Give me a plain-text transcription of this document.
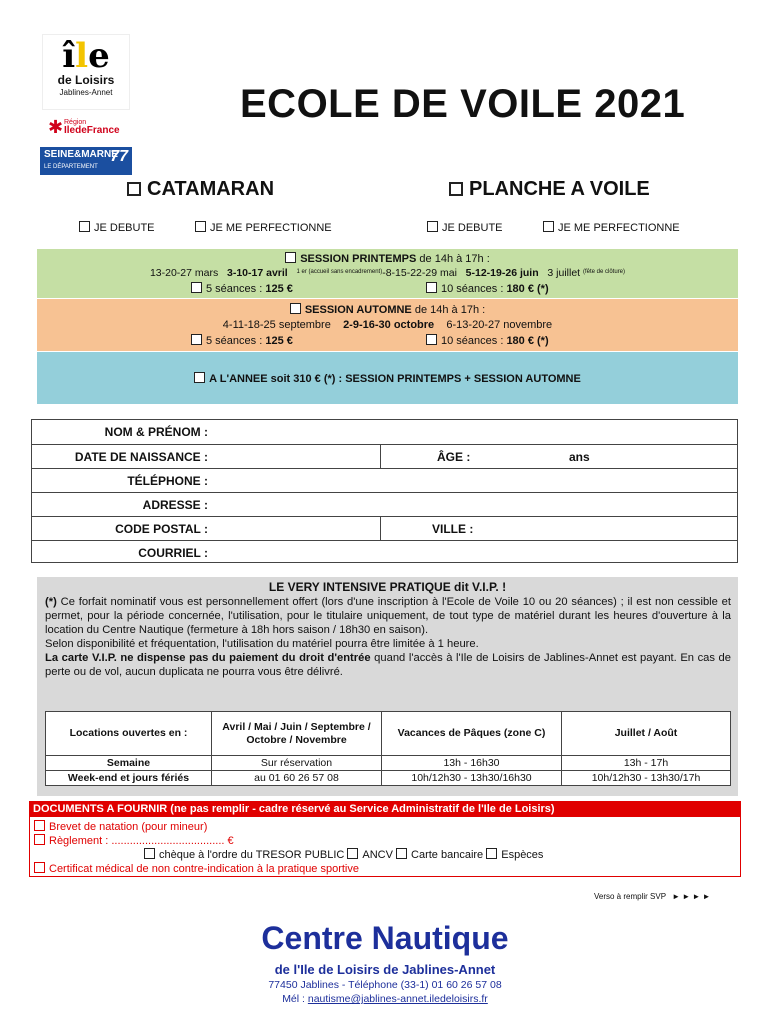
île
de Loisirs
Jablines-Annet
✱ Région
IledeFrance
SEINE&MARNE
LE DÉPARTEMENT
77
ECOLE DE VOILE 2021
CATAMARAN	PLANCHE A VOILE
JE DEBUTE	JE ME PERFECTIONNE	JE DEBUTE	JE ME PERFECTIONNE
SESSION PRINTEMPS de 14h à 17h :
13-20-27 mars 3-10-17 avril $^{1 er (accueil sans encadrement)}$-8-15-22-29 mai 5-12-19-26 juin 3 juillet $^{(fête de clôture)}$
5 séances : 125 €	10 séances : 180 € (*)
SESSION AUTOMNE de 14h à 17h :
4-11-18-25 septembre 2-9-16-30 octobre 6-13-20-27 novembre
5 séances : 125 €	10 séances : 180 € (*)
A L'ANNEE soit 310 € (*) : SESSION PRINTEMPS + SESSION AUTOMNE
NOM & PRÉNOM :
DATE DE NAISSANCE :	ÂGE :	ans
TÉLÉPHONE :
ADRESSE :
CODE POSTAL :	VILLE :
COURRIEL :
LE VERY INTENSIVE PRATIQUE dit V.I.P. !
(*) Ce forfait nominatif vous est personnellement offert (lors d'une inscription à l'Ecole de Voile 10 ou 20 séances) ; il est non cessible et permet, pour la période concernée, l'utilisation, pour le titulaire uniquement, de tout type de matériel durant les heures d'ouverture à la location du Centre Nautique (fermeture à 18h hors saison / 18h30 en saison).
Selon disponibilité et fréquentation, l'utilisation du matériel pourra être limitée à 1 heure.
La carte V.I.P. ne dispense pas du paiement du droit d'entrée quand l'accès à l'Ile de Loisirs de Jablines-Annet est payant. En cas de perte ou de vol, aucun duplicata ne pourra vous être délivré.
Locations ouvertes en :	Avril / Mai / Juin / Septembre / Octobre / Novembre	Vacances de Pâques (zone C)	Juillet / Août
Semaine	Sur réservation	13h - 16h30	13h - 17h
Week-end et jours fériés	au 01 60 26 57 08	10h/12h30 - 13h30/16h30	10h/12h30 - 13h30/17h
DOCUMENTS A FOURNIR (ne pas remplir - cadre réservé au Service Administratif de l'Ile de Loisirs)
Brevet de natation (pour mineur)
Règlement : ..................................... €
chèque à l'ordre du TRESOR PUBLIC ANCV Carte bancaire Espèces
Certificat médical de non contre-indication à la pratique sportive
Verso à remplir SVP ► ► ► ►
Centre Nautique
de l'Ile de Loisirs de Jablines-Annet
77450 Jablines - Téléphone (33-1) 01 60 26 57 08
Mél : nautisme@jablines-annet.iledeloisirs.fr
